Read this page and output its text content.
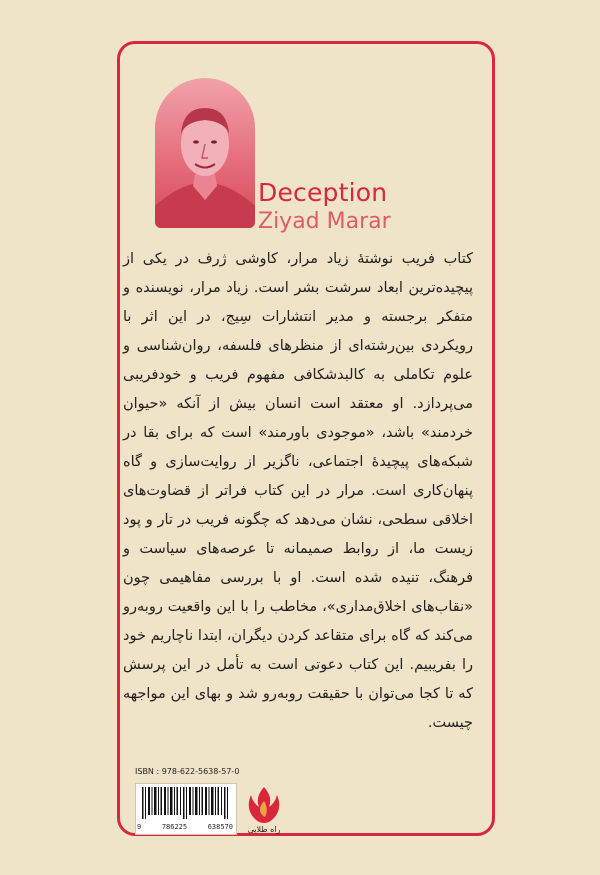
Deception
Ziyad Marar

کتاب فریب نوشتهٔ زیاد مرار، کاوشی ژرف در یکی از پیچیده‌ترین ابعاد سرشت بشر است. زیاد مرار، نویسنده و متفکر برجسته و مدیر انتشارات سِیج، در این اثر با رویکردی بین‌رشته‌ای از منظرهای فلسفه، روان‌شناسی و علوم تکاملی به کالبدشکافی مفهوم فریب و خودفریبی می‌پردازد. او معتقد است انسان بیش از آنکه «حیوان خردمند» باشد، «موجودی باورمند» است که برای بقا در شبکه‌های پیچیدهٔ اجتماعی، ناگزیر از روایت‌سازی و گاه پنهان‌کاری است. مرار در این کتاب فراتر از قضاوت‌های اخلاقی سطحی، نشان می‌دهد که چگونه فریب در تار و پود زیست ما، از روابط صمیمانه تا عرصه‌های سیاست و فرهنگ، تنیده شده است. او با بررسی مفاهیمی چون «نقاب‌های اخلاق‌مداری»، مخاطب را با این واقعیت روبه‌رو می‌کند که گاه برای متقاعد کردن دیگران، ابتدا ناچاریم خود را بفریبیم. این کتاب دعوتی است به تأمل در این پرسش که تا کجا می‌توان با حقیقت روبه‌رو شد و بهای این مواجهه چیست.

ISBN : 978-622-5638-57-0
9	786225	638570	راه طلایی
